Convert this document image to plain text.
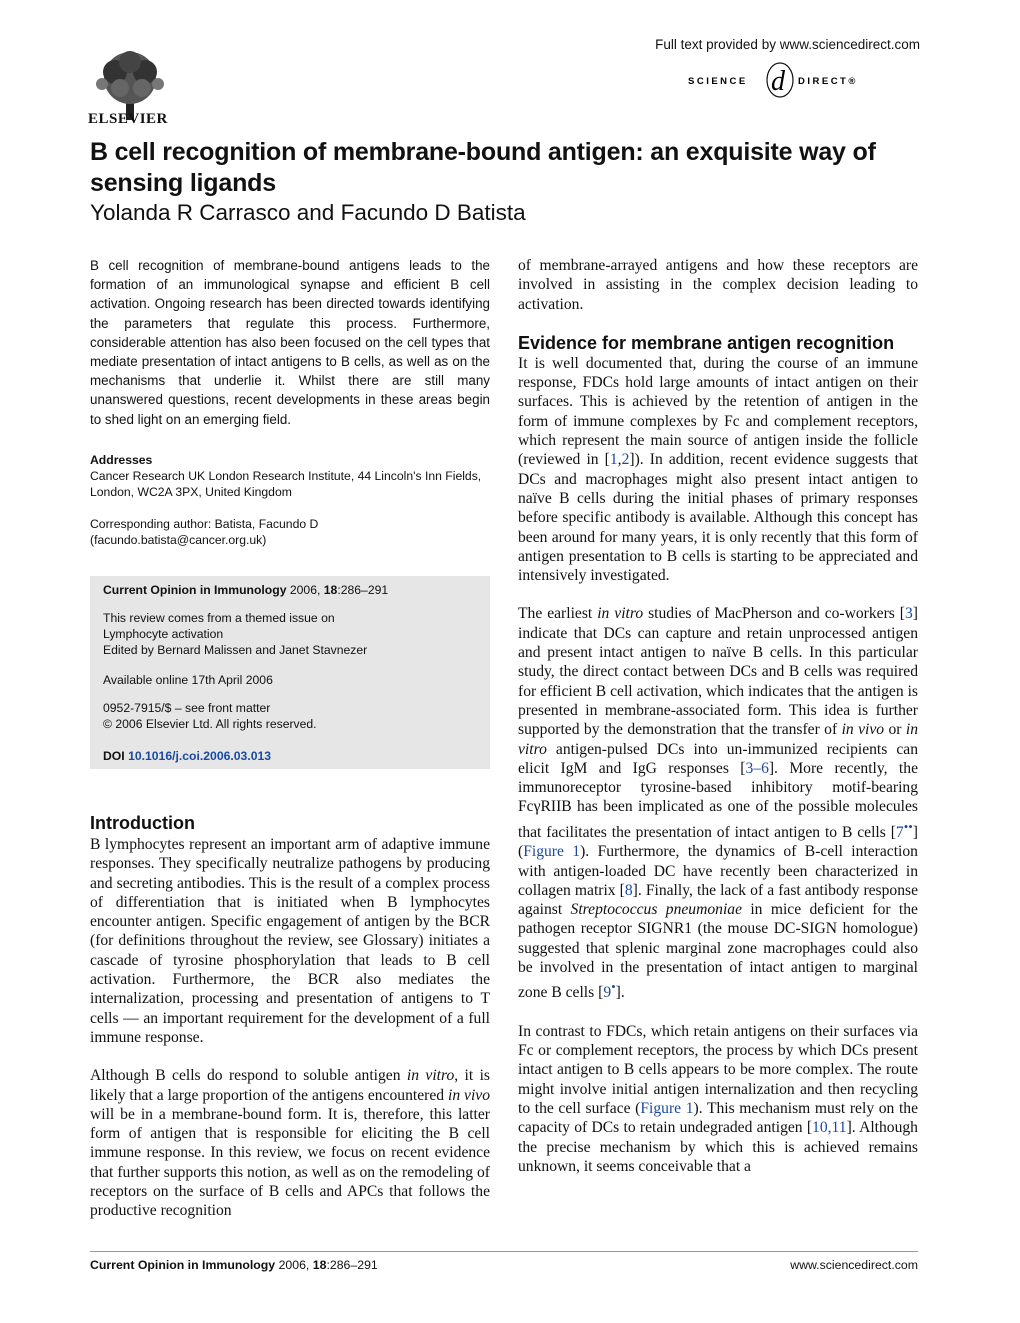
ELSEVIER
Full text provided by www.sciencedirect.com
SCIENCE d DIRECT®
B cell recognition of membrane-bound antigen: an exquisite way of sensing ligands
Yolanda R Carrasco and Facundo D Batista

B cell recognition of membrane-bound antigens leads to the formation of an immunological synapse and efficient B cell activation. Ongoing research has been directed towards identifying the parameters that regulate this process. Furthermore, considerable attention has also been focused on the cell types that mediate presentation of intact antigens to B cells, as well as on the mechanisms that underlie it. Whilst there are still many unanswered questions, recent developments in these areas begin to shed light on an emerging field.

Addresses

Cancer Research UK London Research Institute, 44 Lincoln's Inn Fields, London, WC2A 3PX, United Kingdom

Corresponding author: Batista, Facundo D

(facundo.batista@cancer.org.uk)

Current Opinion in Immunology 2006, 18:286–291

This review comes from a themed issue on

Lymphocyte activation

Edited by Bernard Malissen and Janet Stavnezer

Available online 17th April 2006

0952-7915/$ – see front matter

© 2006 Elsevier Ltd. All rights reserved.

DOI 10.1016/j.coi.2006.03.013

Introduction

B lymphocytes represent an important arm of adaptive immune responses. They specifically neutralize pathogens by producing and secreting antibodies. This is the result of a complex process of differentiation that is initiated when B lymphocytes encounter antigen. Specific engagement of antigen by the BCR (for definitions throughout the review, see Glossary) initiates a cascade of tyrosine phosphorylation that leads to B cell activation. Furthermore, the BCR also mediates the internalization, processing and presentation of antigens to T cells — an important requirement for the development of a full immune response.

Although B cells do respond to soluble antigen in vitro, it is likely that a large proportion of the antigens encountered in vivo will be in a membrane-bound form. It is, therefore, this latter form of antigen that is responsible for eliciting the B cell immune response. In this review, we focus on recent evidence that further supports this notion, as well as on the remodeling of receptors on the surface of B cells and APCs that follows the productive recognition

of membrane-arrayed antigens and how these receptors are involved in assisting in the complex decision leading to activation.

Evidence for membrane antigen recognition

It is well documented that, during the course of an immune response, FDCs hold large amounts of intact antigen on their surfaces. This is achieved by the retention of antigen in the form of immune complexes by Fc and complement receptors, which represent the main source of antigen inside the follicle (reviewed in [1,2]). In addition, recent evidence suggests that DCs and macrophages might also present intact antigen to naïve B cells during the initial phases of primary responses before specific antibody is available. Although this concept has been around for many years, it is only recently that this form of antigen presentation to B cells is starting to be appreciated and intensively investigated.

The earliest in vitro studies of MacPherson and co-workers [3] indicate that DCs can capture and retain unprocessed antigen and present intact antigen to naïve B cells. In this particular study, the direct contact between DCs and B cells was required for efficient B cell activation, which indicates that the antigen is presented in membrane-associated form. This idea is further supported by the demonstration that the transfer of in vivo or in vitro antigen-pulsed DCs into un-immunized recipients can elicit IgM and IgG responses [3–6]. More recently, the immunoreceptor tyrosine-based inhibitory motif-bearing FcγRIIB has been implicated as one of the possible molecules that facilitates the presentation of intact antigen to B cells [7••] (Figure 1). Furthermore, the dynamics of B-cell interaction with antigen-loaded DC have recently been characterized in collagen matrix [8]. Finally, the lack of a fast antibody response against Streptococcus pneumoniae in mice deficient for the pathogen receptor SIGNR1 (the mouse DC-SIGN homologue) suggested that splenic marginal zone macrophages could also be involved in the presentation of intact antigen to marginal zone B cells [9•].

In contrast to FDCs, which retain antigens on their surfaces via Fc or complement receptors, the process by which DCs present intact antigen to B cells appears to be more complex. The route might involve initial antigen internalization and then recycling to the cell surface (Figure 1). This mechanism must rely on the capacity of DCs to retain undegraded antigen [10,11]. Although the precise mechanism by which this is achieved remains unknown, it seems conceivable that a

Current Opinion in Immunology 2006, 18:286–291	www.sciencedirect.com
